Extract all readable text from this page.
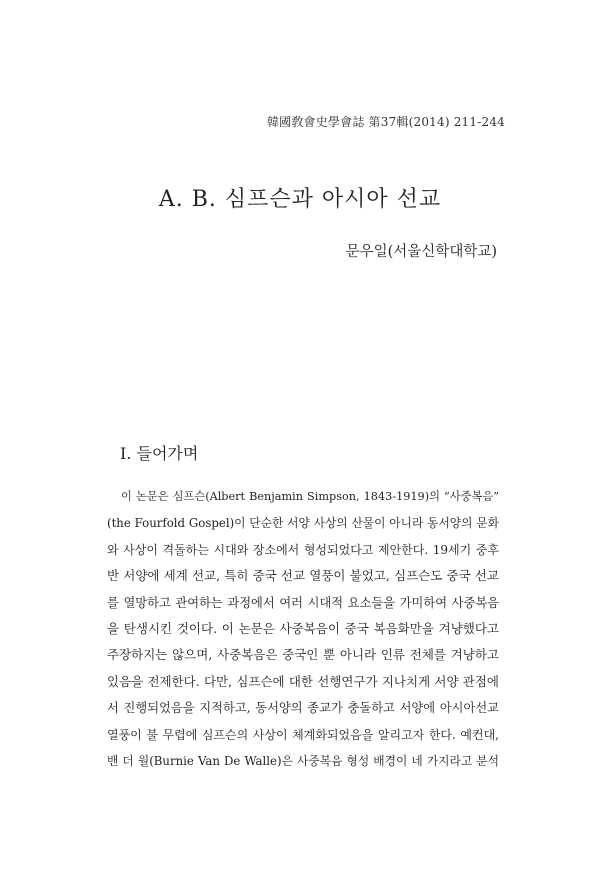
韓國敎會史學會誌 第37輯(2014) 211-244
A. B. 심프슨과 아시아 선교
문우일(서울신학대학교)
I. 들어가며

이 논문은 심프슨(Albert Benjamin Simpson, 1843-1919)의 “사중복음”
(the Fourfold Gospel)이 단순한 서양 사상의 산물이 아니라 동서양의 문화
와 사상이 격돌하는 시대와 장소에서 형성되었다고 제안한다. 19세기 중후
반 서양에 세계 선교, 특히 중국 선교 열풍이 불었고, 심프슨도 중국 선교
를 열망하고 관여하는 과정에서 여러 시대적 요소들을 가미하여 사중복음
을 탄생시킨 것이다. 이 논문은 사중복음이 중국 복음화만을 겨냥했다고
주장하지는 않으며, 사중복음은 중국인 뿐 아니라 인류 전체를 겨냥하고
있음을 전제한다. 다만, 심프슨에 대한 선행연구가 지나치게 서양 관점에
서 진행되었음을 지적하고, 동서양의 종교가 충돌하고 서양에 아시아선교
열풍이 불 무렵에 심프슨의 사상이 체계화되었음을 알리고자 한다. 예컨대,
밴 더 월(Burnie Van De Walle)은 사중복음 형성 배경이 네 가지라고 분석
